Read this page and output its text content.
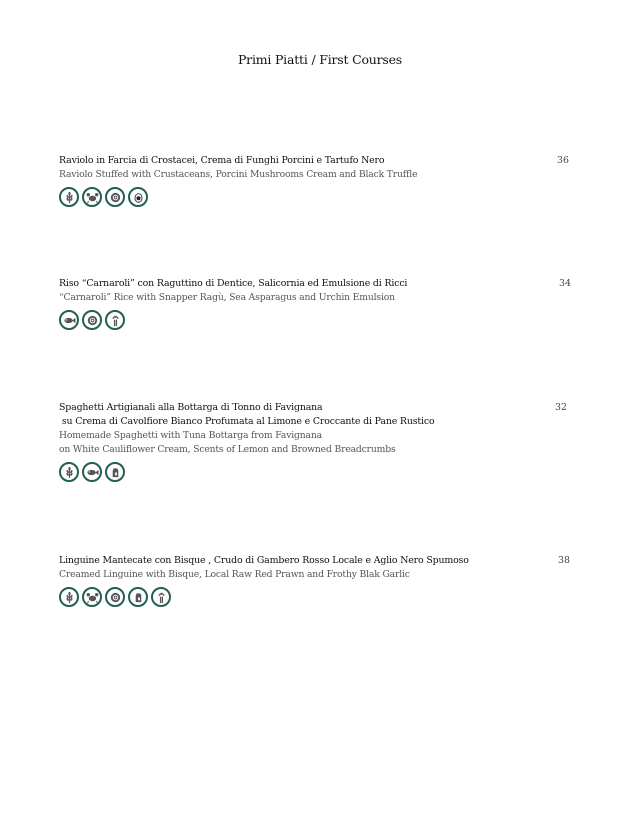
Primi Piatti / First Courses
Raviolo in Farcia di Crostacei, Crema di Funghi Porcini e Tartufo Nero
Raviolo Stuffed with Crustaceans, Porcini Mushrooms Cream and Black Truffle
36
Riso “Carnaroli” con Raguttino di Dentice, Salicornia ed Emulsione di Ricci
“Carnaroli” Rice with Snapper Ragù, Sea Asparagus and Urchin Emulsion
34
Spaghetti Artigianali alla Bottarga di Tonno di Favignana
su Crema di Cavolfiore Bianco Profumata al Limone e Croccante di Pane Rustico
Homemade Spaghetti with Tuna Bottarga from Favignana
on White Cauliflower Cream, Scents of Lemon and Browned Breadcrumbs
32
Linguine Mantecate con Bisque , Crudo di Gambero Rosso Locale e Aglio Nero Spumoso
Creamed Linguine with Bisque, Local Raw Red Prawn and Frothy Blak Garlic
38
